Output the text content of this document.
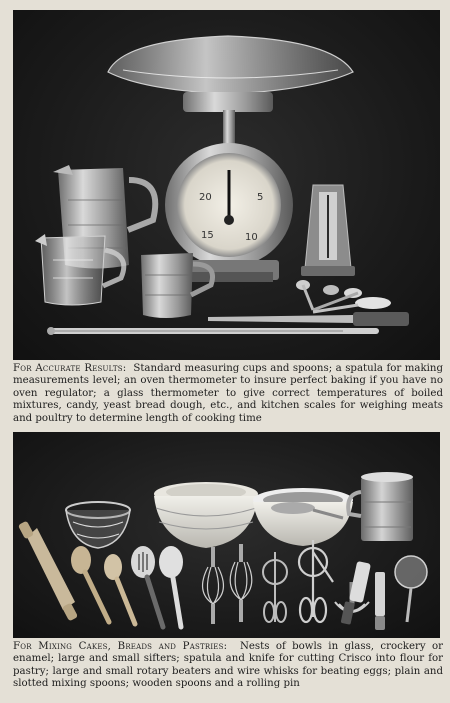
20	5
15	10

For Accurate Results: Standard measuring cups and spoons; a spatula for making measurements level; an oven thermometer to insure perfect baking if you have no oven regulator; a glass thermometer to give correct temperatures of boiled mixtures, candy, yeast bread dough, etc., and kitchen scales for weighing meats and poultry to determine length of cooking time

For Mixing Cakes, Breads and Pastries: Nests of bowls in glass, crockery or enamel; large and small sifters; spatula and knife for cutting Crisco into flour for pastry; large and small rotary beaters and wire whisks for beating eggs; plain and slotted mixing spoons; wooden spoons and a rolling pin
